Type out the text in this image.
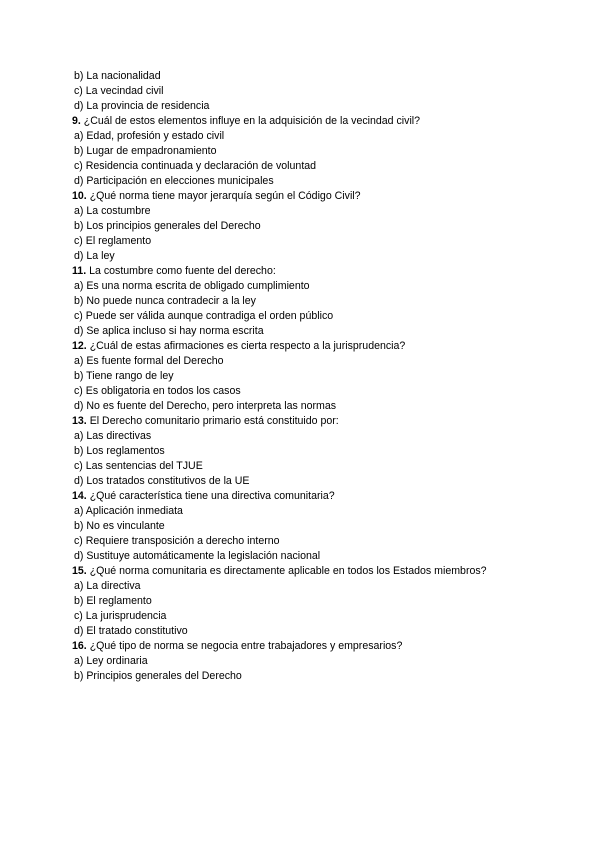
b) La nacionalidad

c) La vecindad civil

d) La provincia de residencia

9. ¿Cuál de estos elementos influye en la adquisición de la vecindad civil?

a) Edad, profesión y estado civil

b) Lugar de empadronamiento

c) Residencia continuada y declaración de voluntad

d) Participación en elecciones municipales

10. ¿Qué norma tiene mayor jerarquía según el Código Civil?

a) La costumbre

b) Los principios generales del Derecho

c) El reglamento

d) La ley

11. La costumbre como fuente del derecho:

a) Es una norma escrita de obligado cumplimiento

b) No puede nunca contradecir a la ley

c) Puede ser válida aunque contradiga el orden público

d) Se aplica incluso si hay norma escrita

12. ¿Cuál de estas afirmaciones es cierta respecto a la jurisprudencia?

a) Es fuente formal del Derecho

b) Tiene rango de ley

c) Es obligatoria en todos los casos

d) No es fuente del Derecho, pero interpreta las normas

13. El Derecho comunitario primario está constituido por:

a) Las directivas

b) Los reglamentos

c) Las sentencias del TJUE

d) Los tratados constitutivos de la UE

14. ¿Qué característica tiene una directiva comunitaria?

a) Aplicación inmediata

b) No es vinculante

c) Requiere transposición a derecho interno

d) Sustituye automáticamente la legislación nacional

15. ¿Qué norma comunitaria es directamente aplicable en todos los Estados miembros?

a) La directiva

b) El reglamento

c) La jurisprudencia

d) El tratado constitutivo

16. ¿Qué tipo de norma se negocia entre trabajadores y empresarios?

a) Ley ordinaria

b) Principios generales del Derecho
